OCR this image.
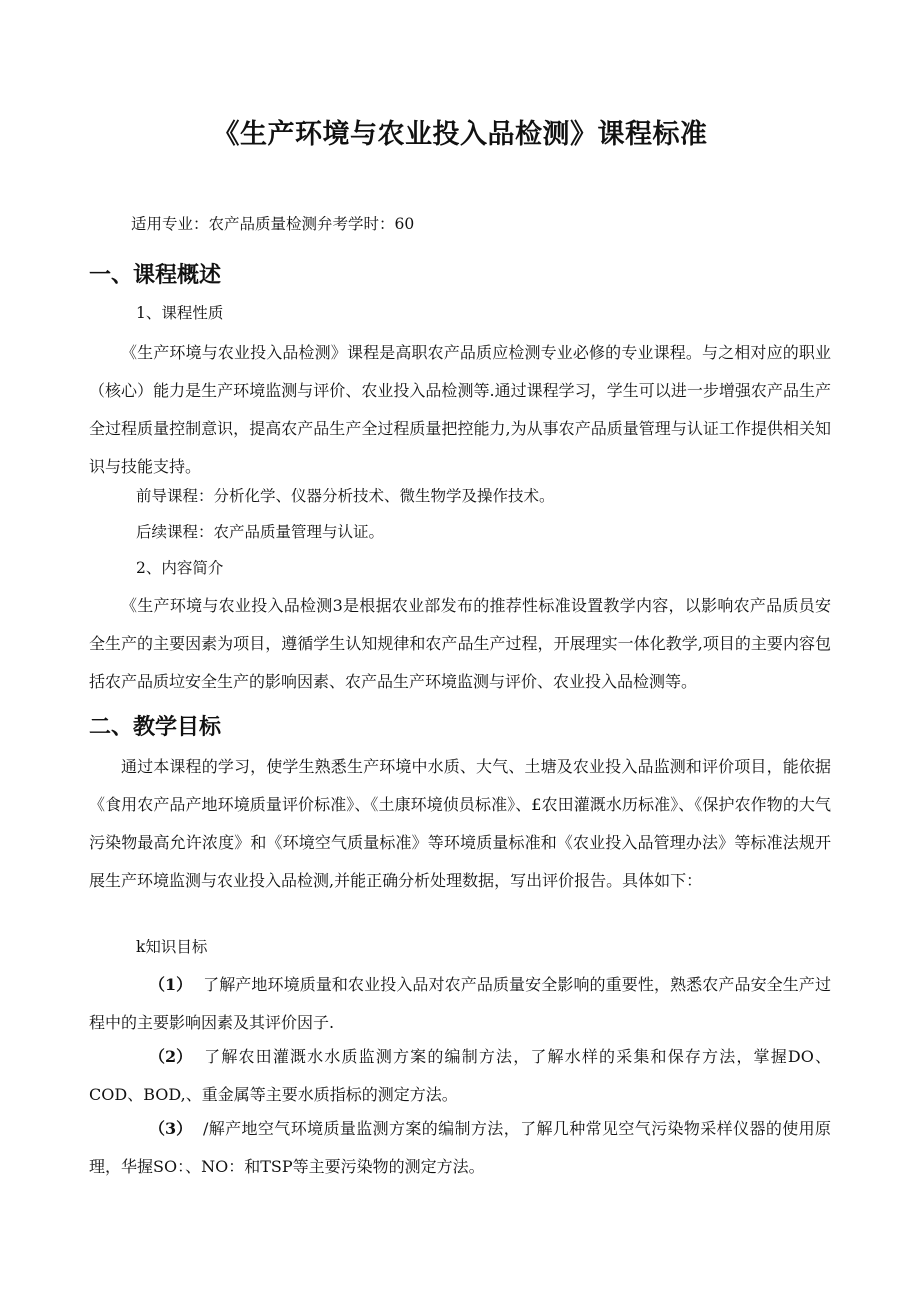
《生产环境与农业投入品检测》课程标准
适用专业：农产品质量检测弁考学时：60
一、课程概述
1、课程性质

《生产环境与农业投入品检测》课程是高职农产品质应检测专业必修的专业课程。与之相对应的职业（核心）能力是生产环境监测与评价、农业投入品检测等.通过课程学习，学生可以进一步增强农产品生产全过程质量控制意识，提高农产品生产全过程质量把控能力,为从事农产品质量管理与认证工作提供相关知识与技能支持。

前导课程：分析化学、仪器分析技术、微生物学及操作技术。
后续课程：农产品质量管理与认证。
2、内容简介

《生产环境与农业投入品检测3是根据农业部发布的推荐性标准设置教学内容，以影响农产品质员安全生产的主要因素为项目，遵循学生认知规律和农产品生产过程，开展理实一体化教学,项目的主要内容包括农产品质垃安全生产的影响因素、农产品生产环境监测与评价、农业投入品检测等。

二、教学目标

通过本课程的学习，使学生熟悉生产环境中水质、大气、土塘及农业投入品监测和评价项目，能依据《食用农产品产地环境质量评价标准》、《土康环境侦员标准》、£农田灌溉水历标准》、《保护农作物的大气污染物最高允许浓度》和《环境空气质量标准》等环境质量标准和《农业投入品管理办法》等标准法规开展生产环境监测与农业投入品检测,并能正确分析处理数据，写出评价报告。具体如下：

k知识目标

（1） 了解产地环境质量和农业投入品对农产品质量安全影响的重要性，熟悉农产品安全生产过程中的主要影响因素及其评价因子.

（2） 了解农田灌溉水水质监测方案的编制方法，了解水样的采集和保存方法，掌握DO、COD、BOD,、重金属等主要水质指标的测定方法。

（3） /解产地空气环境质量监测方案的编制方法，了解几种常见空气污染物采样仪器的使用原理，华握SO：、NO：和TSP等主要污染物的测定方法。
